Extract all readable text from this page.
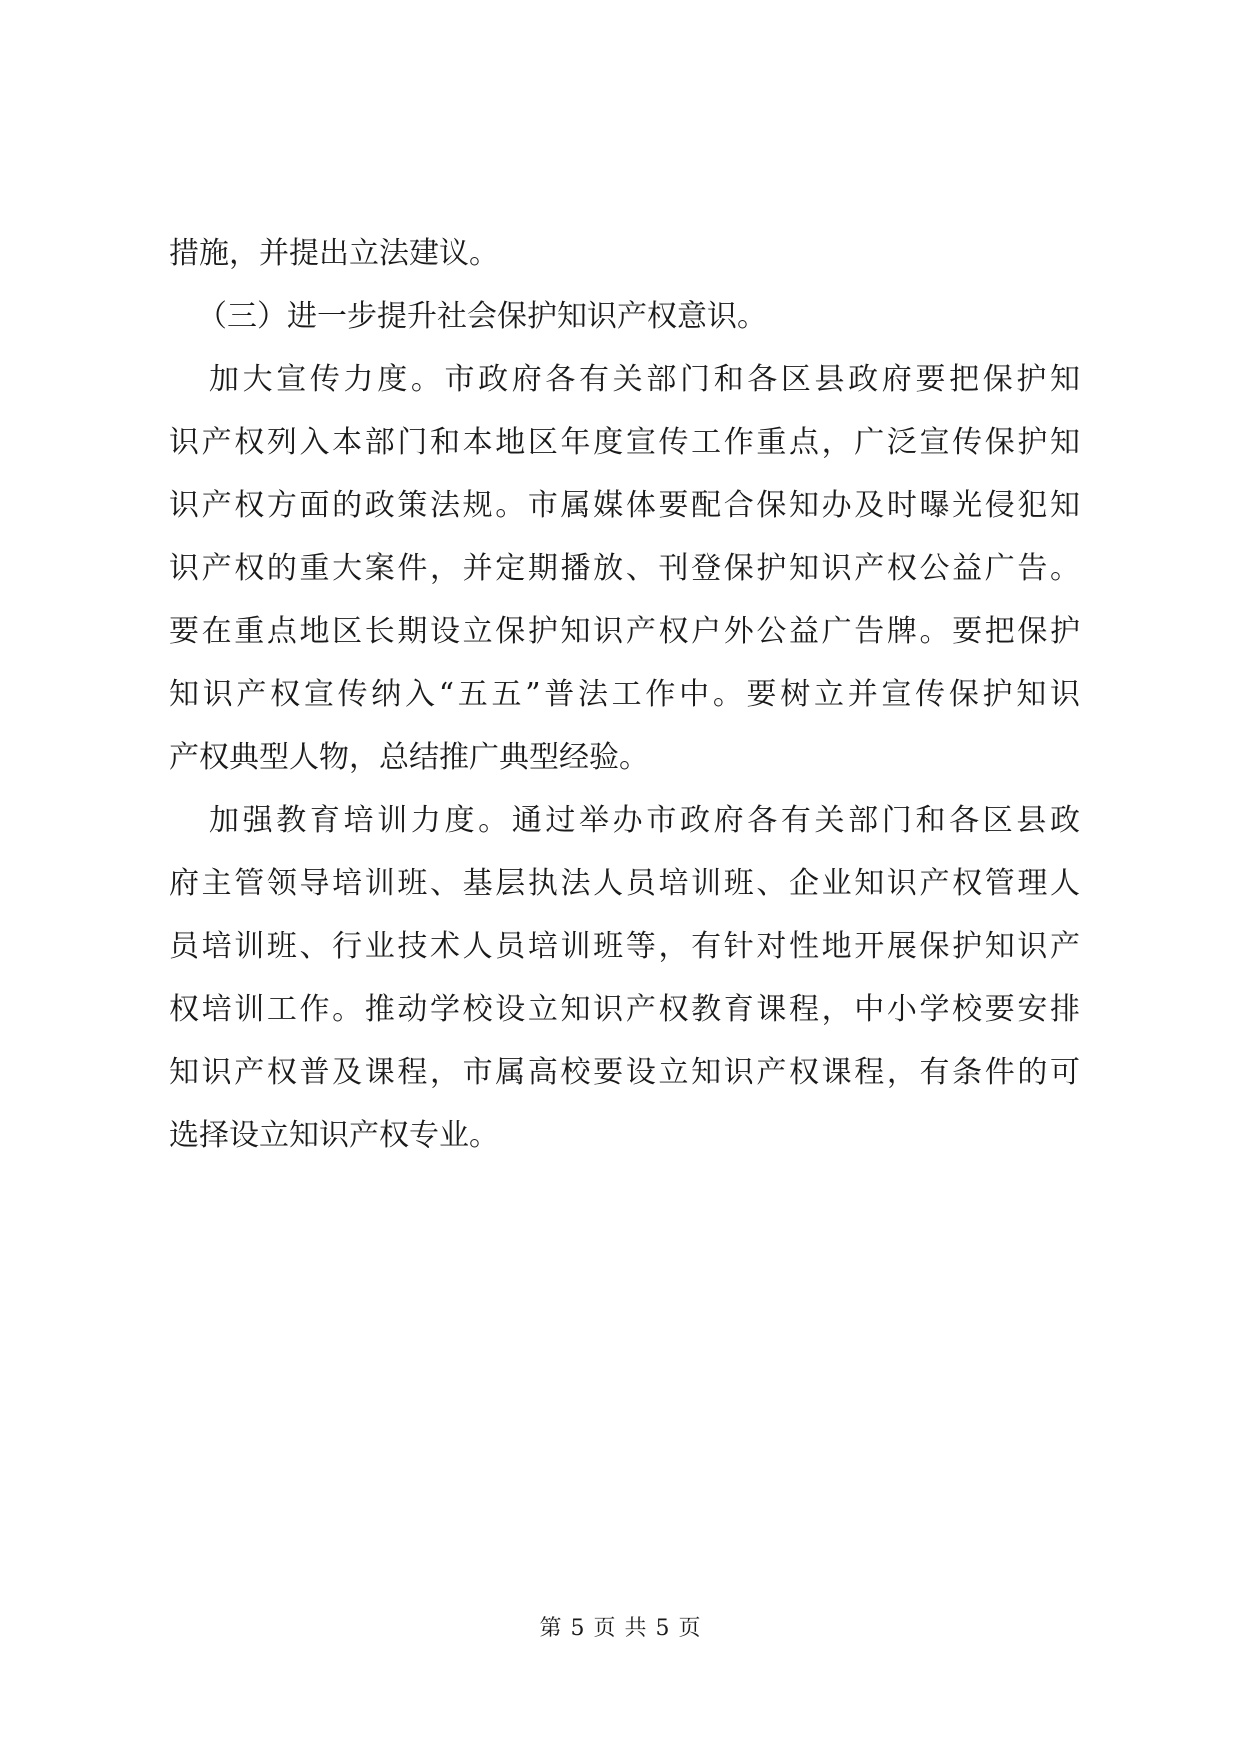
措施，并提出立法建议。
（三）进一步提升社会保护知识产权意识。
加大宣传力度。市政府各有关部门和各区县政府要把保护知
识产权列入本部门和本地区年度宣传工作重点，广泛宣传保护知
识产权方面的政策法规。市属媒体要配合保知办及时曝光侵犯知
识产权的重大案件，并定期播放、刊登保护知识产权公益广告。
要在重点地区长期设立保护知识产权户外公益广告牌。要把保护
知识产权宣传纳入“五五”普法工作中。要树立并宣传保护知识
产权典型人物，总结推广典型经验。
加强教育培训力度。通过举办市政府各有关部门和各区县政
府主管领导培训班、基层执法人员培训班、企业知识产权管理人
员培训班、行业技术人员培训班等，有针对性地开展保护知识产
权培训工作。推动学校设立知识产权教育课程，中小学校要安排
知识产权普及课程，市属高校要设立知识产权课程，有条件的可
选择设立知识产权专业。
第 5 页 共 5 页
